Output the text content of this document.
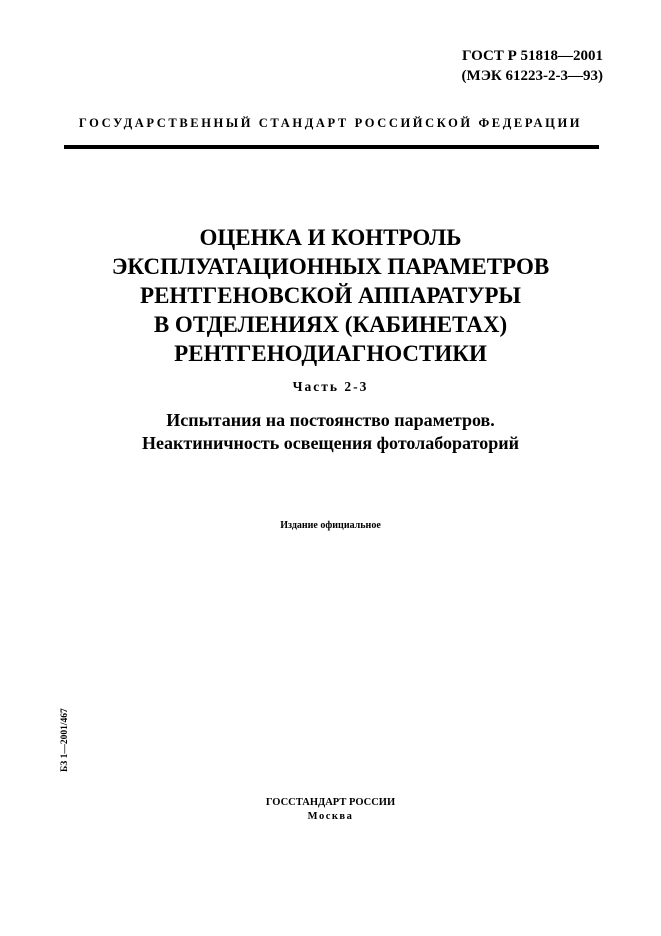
ГОСТ Р 51818—2001
(МЭК 61223-2-3—93)
ГОСУДАРСТВЕННЫЙ СТАНДАРТ РОССИЙСКОЙ ФЕДЕРАЦИИ
ОЦЕНКА И КОНТРОЛЬ
ЭКСПЛУАТАЦИОННЫХ ПАРАМЕТРОВ
РЕНТГЕНОВСКОЙ АППАРАТУРЫ
В ОТДЕЛЕНИЯХ (КАБИНЕТАХ)
РЕНТГЕНОДИАГНОСТИКИ
Часть 2-3
Испытания на постоянство параметров.
Неактиничность освещения фотолабораторий
Издание официальное
БЗ 1—2001/467
ГОССТАНДАРТ РОССИИ
Москва
